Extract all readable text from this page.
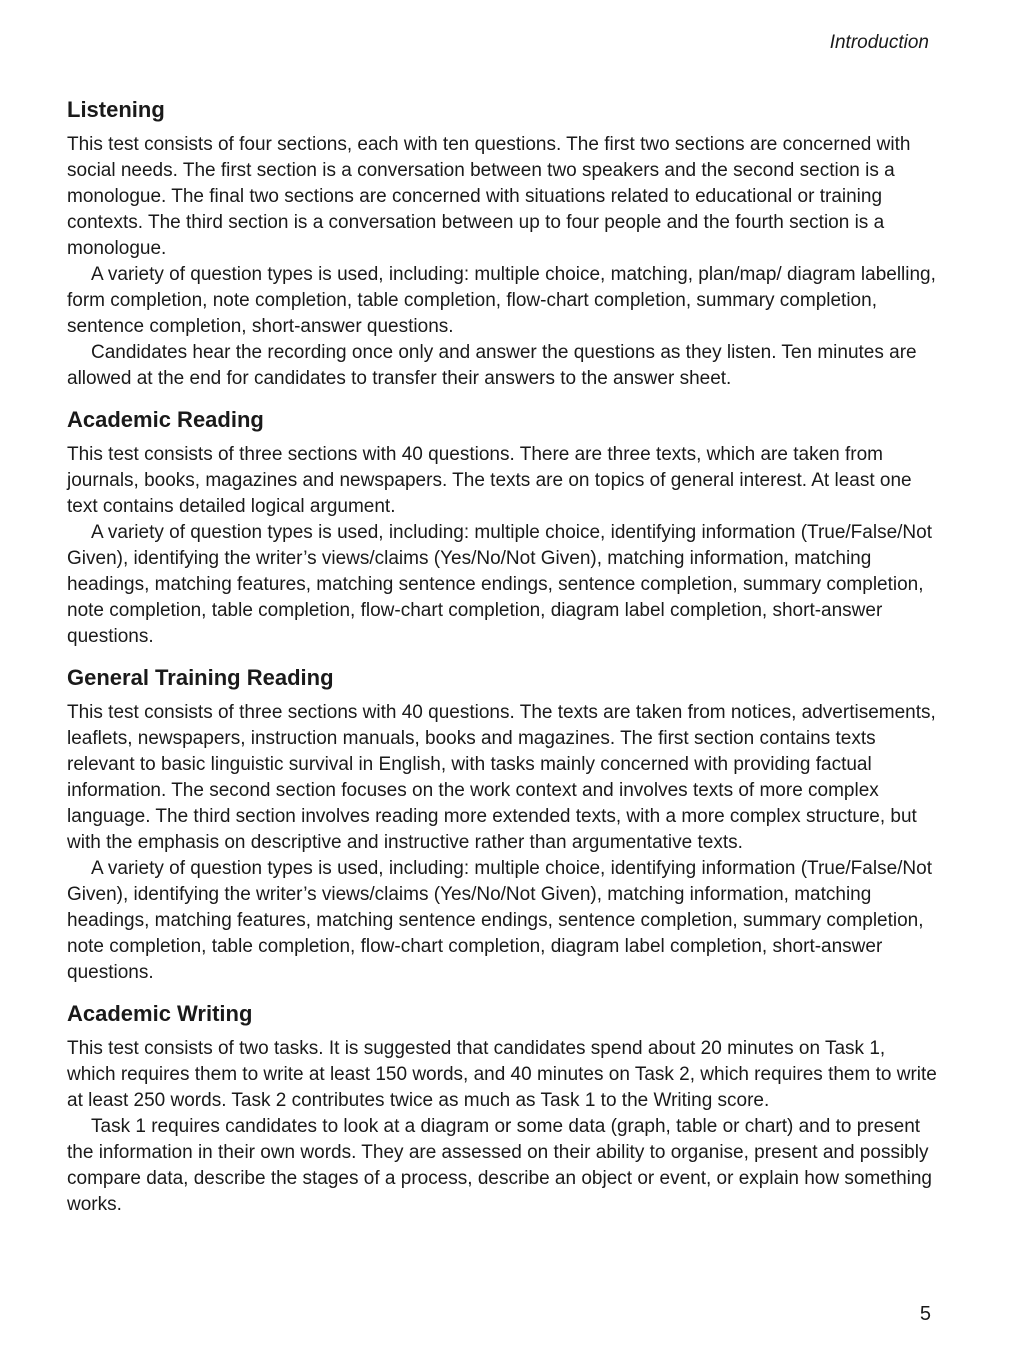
Introduction
Listening

This test consists of four sections, each with ten questions. The first two sections are concerned with social needs. The first section is a conversation between two speakers and the second section is a monologue. The final two sections are concerned with situations related to educational or training contexts. The third section is a conversation between up to four people and the fourth section is a monologue.

A variety of question types is used, including: multiple choice, matching, plan/map/ diagram labelling, form completion, note completion, table completion, flow-chart completion, summary completion, sentence completion, short-answer questions.

Candidates hear the recording once only and answer the questions as they listen. Ten minutes are allowed at the end for candidates to transfer their answers to the answer sheet.

Academic Reading

This test consists of three sections with 40 questions. There are three texts, which are taken from journals, books, magazines and newspapers. The texts are on topics of general interest. At least one text contains detailed logical argument.

A variety of question types is used, including: multiple choice, identifying information (True/False/Not Given), identifying the writer’s views/claims (Yes/No/Not Given), matching information, matching headings, matching features, matching sentence endings, sentence completion, summary completion, note completion, table completion, flow-chart completion, diagram label completion, short-answer questions.

General Training Reading

This test consists of three sections with 40 questions. The texts are taken from notices, advertisements, leaflets, newspapers, instruction manuals, books and magazines. The first section contains texts relevant to basic linguistic survival in English, with tasks mainly concerned with providing factual information. The second section focuses on the work context and involves texts of more complex language. The third section involves reading more extended texts, with a more complex structure, but with the emphasis on descriptive and instructive rather than argumentative texts.

A variety of question types is used, including: multiple choice, identifying information (True/False/Not Given), identifying the writer’s views/claims (Yes/No/Not Given), matching information, matching headings, matching features, matching sentence endings, sentence completion, summary completion, note completion, table completion, flow-chart completion, diagram label completion, short-answer questions.

Academic Writing

This test consists of two tasks. It is suggested that candidates spend about 20 minutes on Task 1, which requires them to write at least 150 words, and 40 minutes on Task 2, which requires them to write at least 250 words. Task 2 contributes twice as much as Task 1 to the Writing score.

Task 1 requires candidates to look at a diagram or some data (graph, table or chart) and to present the information in their own words. They are assessed on their ability to organise, present and possibly compare data, describe the stages of a process, describe an object or event, or explain how something works.

5
